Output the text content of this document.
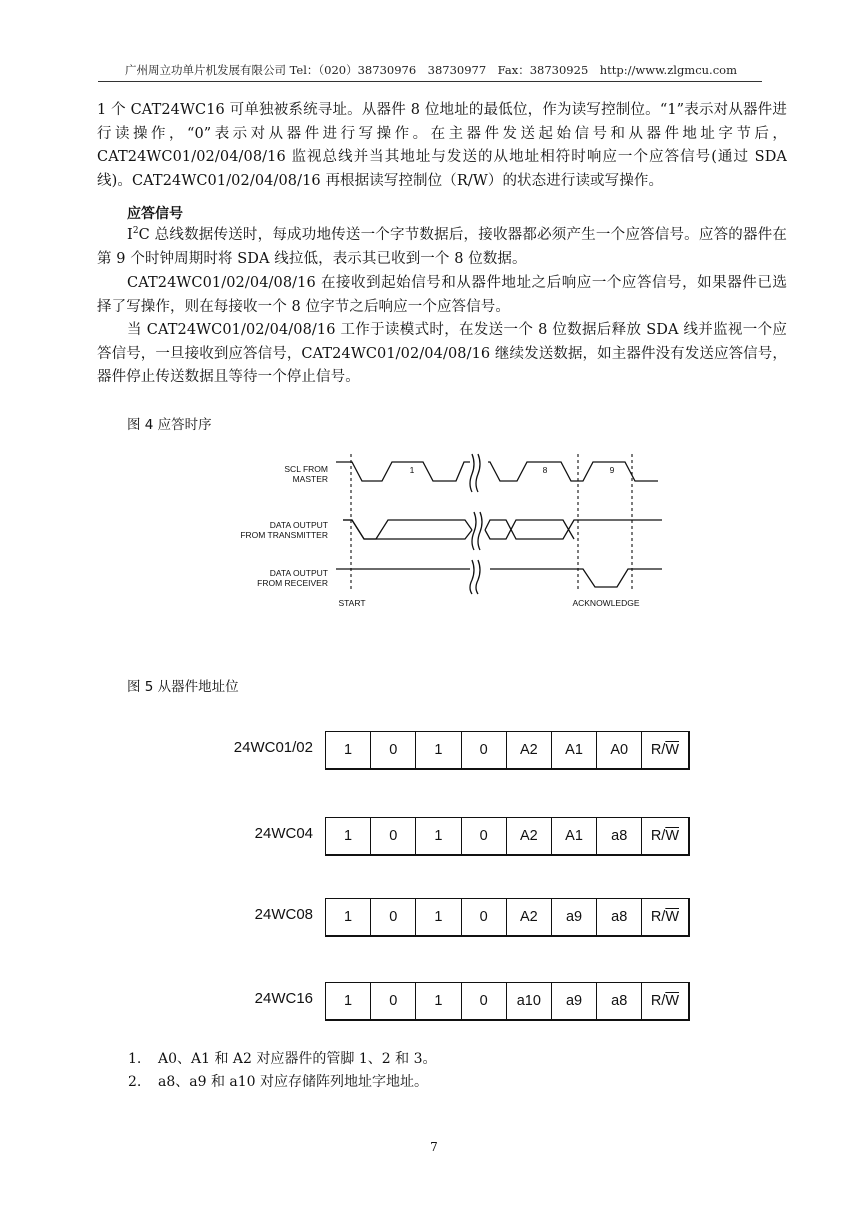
广州周立功单片机发展有限公司 Tel：（020）38730976　38730977　Fax：38730925　http://www.zlgmcu.com
1 个 CAT24WC16 可单独被系统寻址。从器件 8 位地址的最低位，作为读写控制位。“1”表示对从器件进行读操作，“0”表示对从器件进行写操作。在主器件发送起始信号和从器件地址字节后，CAT24WC01/02/04/08/16 监视总线并当其地址与发送的从地址相符时响应一个应答信号(通过 SDA 线)。CAT24WC01/02/04/08/16 再根据读写控制位（R/W）的状态进行读或写操作。
应答信号
$I^2C$ 总线数据传送时，每成功地传送一个字节数据后，接收器都必须产生一个应答信号。应答的器件在第 9 个时钟周期时将 SDA 线拉低，表示其已收到一个 8 位数据。
CAT24WC01/02/04/08/16 在接收到起始信号和从器件地址之后响应一个应答信号，如果器件已选择了写操作，则在每接收一个 8 位字节之后响应一个应答信号。
当 CAT24WC01/02/04/08/16 工作于读模式时，在发送一个 8 位数据后释放 SDA 线并监视一个应答信号，一旦接收到应答信号，CAT24WC01/02/04/08/16 继续发送数据，如主器件没有发送应答信号，器件停止传送数据且等待一个停止信号。
图 4 应答时序
SCL FROM
MASTER
DATA OUTPUT
FROM TRANSMITTER
DATA OUTPUT
FROM RECEIVER
1	8	9
START	ACKNOWLEDGE
图 5 从器件地址位
24WC01/02	1	0	1	0	A2	A1	A0	R/ $\overline{W}$
24WC04	1	0	1	0	A2	A1	a8	R/ $\overline{W}$
24WC08	1	0	1	0	A2	a9	a8	R/ $\overline{W}$
24WC16	1	0	1	0	a10	a9	a8	R/ $\overline{W}$
1. A0、A1 和 A2 对应器件的管脚 1、2 和 3。
2. a8、a9 和 a10 对应存储阵列地址字地址。
7
